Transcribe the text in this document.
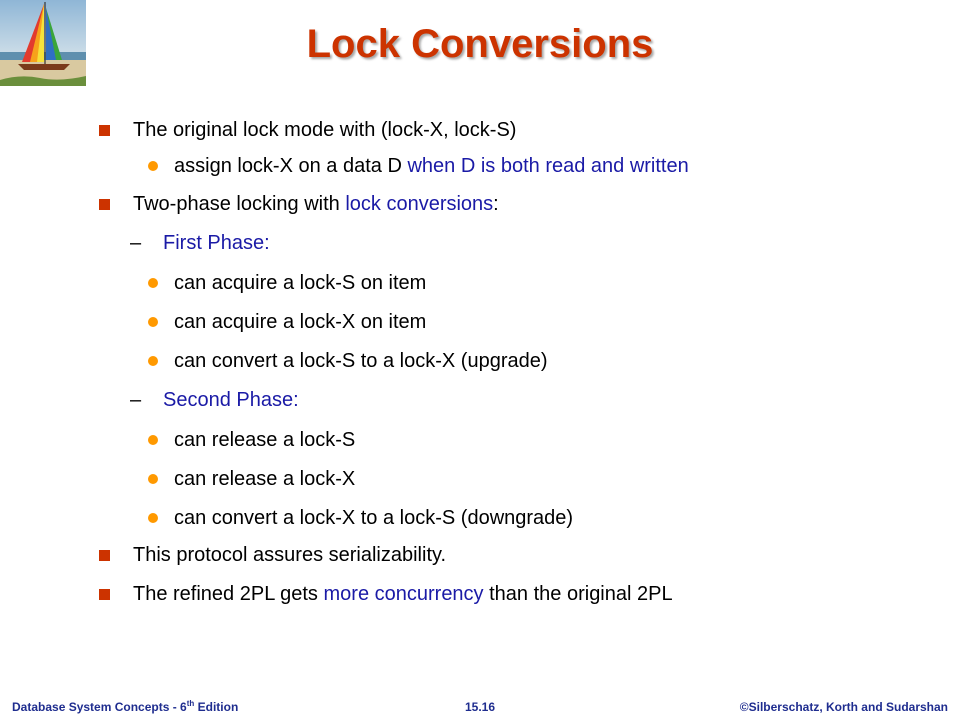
Lock Conversions
The original lock mode with (lock-X, lock-S)
assign lock-X on a data D when D is both read and written
Two-phase locking with lock conversions:
– First Phase:
can acquire a lock-S on item
can acquire a lock-X on item
can convert a lock-S to a lock-X (upgrade)
– Second Phase:
can release a lock-S
can release a lock-X
can convert a lock-X to a lock-S (downgrade)
This protocol assures serializability.
The refined 2PL gets more concurrency than the original 2PL
Database System Concepts - 6th Edition	15.16	©Silberschatz, Korth and Sudarshan
